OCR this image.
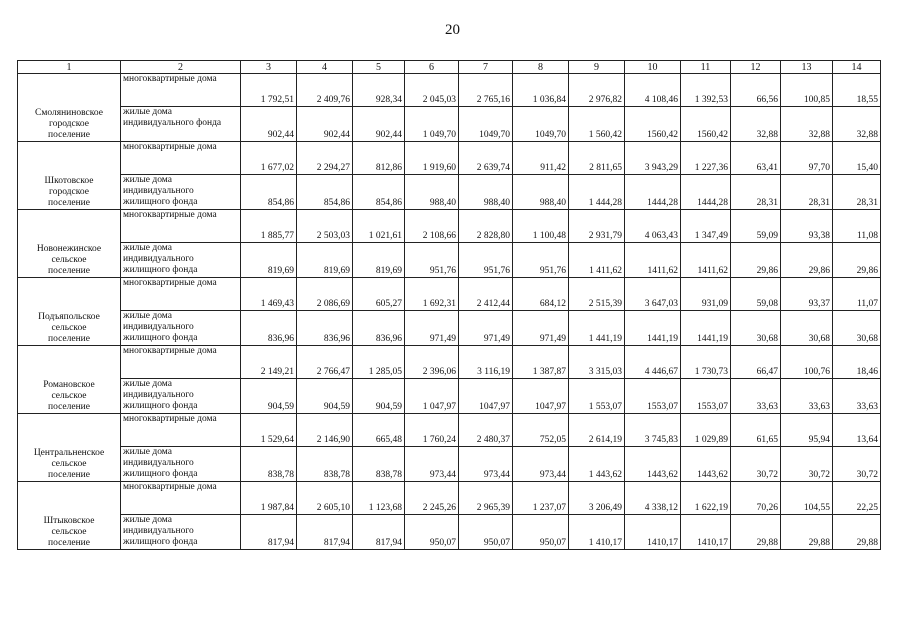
20
1	2	3	4	5	6	7	8	9	10	11	12	13	14

Смоляниновское
городское
поселение	многоквартирные дома	1 792,51	2 409,76	928,34	2 045,03	2 765,16	1 036,84	2 976,82	4 108,46	1 392,53	66,56	100,85	18,55
	жилые дома индивидуального фонда	902,44	902,44	902,44	1 049,70	1049,70	1049,70	1 560,42	1560,42	1560,42	32,88	32,88	32,88

Шкотовское
городское
поселение	многоквартирные дома	1 677,02	2 294,27	812,86	1 919,60	2 639,74	911,42	2 811,65	3 943,29	1 227,36	63,41	97,70	15,40
	жилые дома индивидуального жилищного фонда	854,86	854,86	854,86	988,40	988,40	988,40	1 444,28	1444,28	1444,28	28,31	28,31	28,31

Новонежинское
сельское
поселение	многоквартирные дома	1 885,77	2 503,03	1 021,61	2 108,66	2 828,80	1 100,48	2 931,79	4 063,43	1 347,49	59,09	93,38	11,08
	жилые дома индивидуального жилищного фонда	819,69	819,69	819,69	951,76	951,76	951,76	1 411,62	1411,62	1411,62	29,86	29,86	29,86

Подъяпольское
сельское
поселение	многоквартирные дома	1 469,43	2 086,69	605,27	1 692,31	2 412,44	684,12	2 515,39	3 647,03	931,09	59,08	93,37	11,07
	жилые дома индивидуального жилищного фонда	836,96	836,96	836,96	971,49	971,49	971,49	1 441,19	1441,19	1441,19	30,68	30,68	30,68

Романовское
сельское
поселение	многоквартирные дома	2 149,21	2 766,47	1 285,05	2 396,06	3 116,19	1 387,87	3 315,03	4 446,67	1 730,73	66,47	100,76	18,46
	жилые дома индивидуального жилищного фонда	904,59	904,59	904,59	1 047,97	1047,97	1047,97	1 553,07	1553,07	1553,07	33,63	33,63	33,63

Центральненское
сельское
поселение	многоквартирные дома	1 529,64	2 146,90	665,48	1 760,24	2 480,37	752,05	2 614,19	3 745,83	1 029,89	61,65	95,94	13,64
	жилые дома индивидуального жилищного фонда	838,78	838,78	838,78	973,44	973,44	973,44	1 443,62	1443,62	1443,62	30,72	30,72	30,72

Штыковское
сельское
поселение	многоквартирные дома	1 987,84	2 605,10	1 123,68	2 245,26	2 965,39	1 237,07	3 206,49	4 338,12	1 622,19	70,26	104,55	22,25
	жилые дома индивидуального жилищного фонда	817,94	817,94	817,94	950,07	950,07	950,07	1 410,17	1410,17	1410,17	29,88	29,88	29,88
